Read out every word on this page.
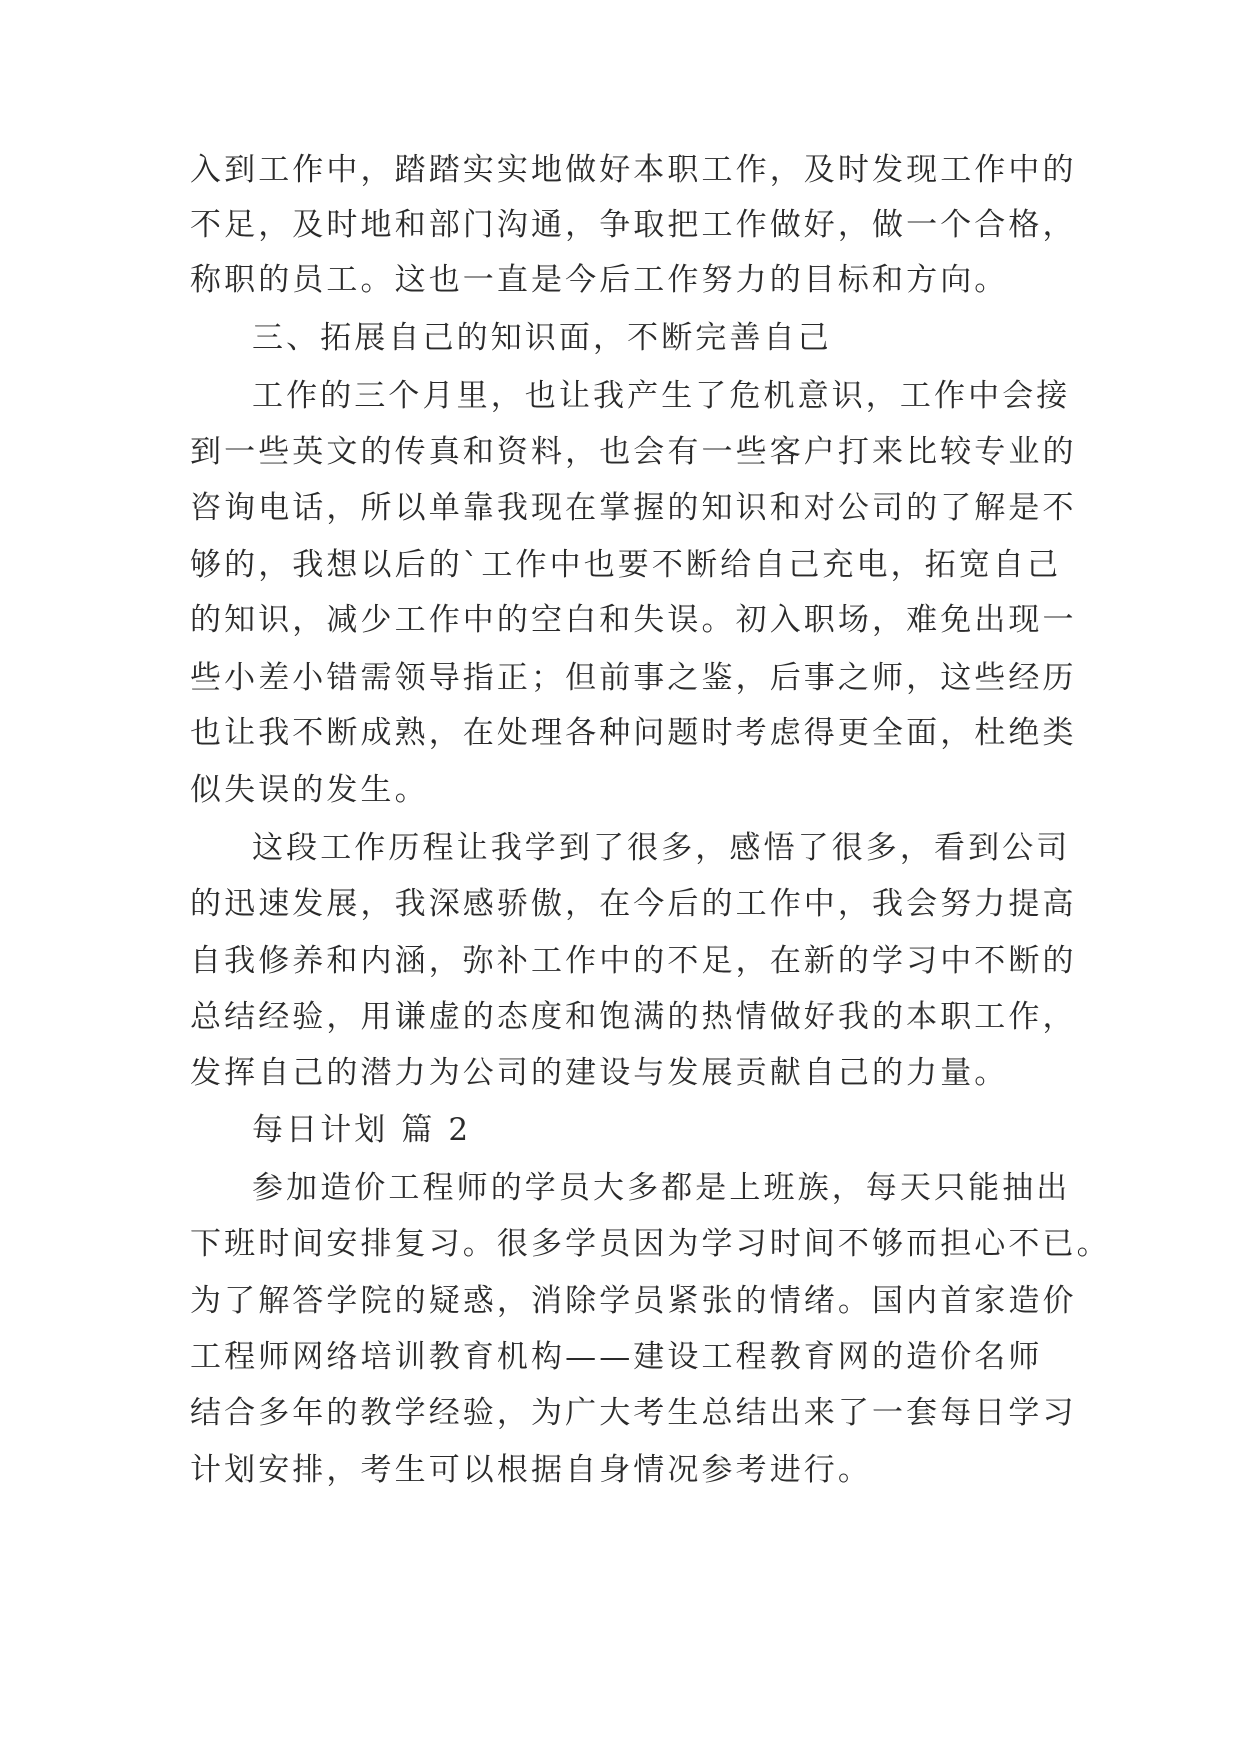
入到工作中，踏踏实实地做好本职工作，及时发现工作中的
不足，及时地和部门沟通，争取把工作做好，做一个合格，
称职的员工。这也一直是今后工作努力的目标和方向。
三、拓展自己的知识面，不断完善自己
工作的三个月里，也让我产生了危机意识，工作中会接
到一些英文的传真和资料，也会有一些客户打来比较专业的
咨询电话，所以单靠我现在掌握的知识和对公司的了解是不
够的，我想以后的`工作中也要不断给自己充电，拓宽自己
的知识，减少工作中的空白和失误。初入职场，难免出现一
些小差小错需领导指正；但前事之鉴，后事之师，这些经历
也让我不断成熟，在处理各种问题时考虑得更全面，杜绝类
似失误的发生。
这段工作历程让我学到了很多，感悟了很多，看到公司
的迅速发展，我深感骄傲，在今后的工作中，我会努力提高
自我修养和内涵，弥补工作中的不足，在新的学习中不断的
总结经验，用谦虚的态度和饱满的热情做好我的本职工作，
发挥自己的潜力为公司的建设与发展贡献自己的力量。
每日计划 篇 2
参加造价工程师的学员大多都是上班族，每天只能抽出
下班时间安排复习。很多学员因为学习时间不够而担心不已。
为了解答学院的疑惑，消除学员紧张的情绪。国内首家造价
工程师网络培训教育机构——建设工程教育网的造价名师
结合多年的教学经验，为广大考生总结出来了一套每日学习
计划安排，考生可以根据自身情况参考进行。
